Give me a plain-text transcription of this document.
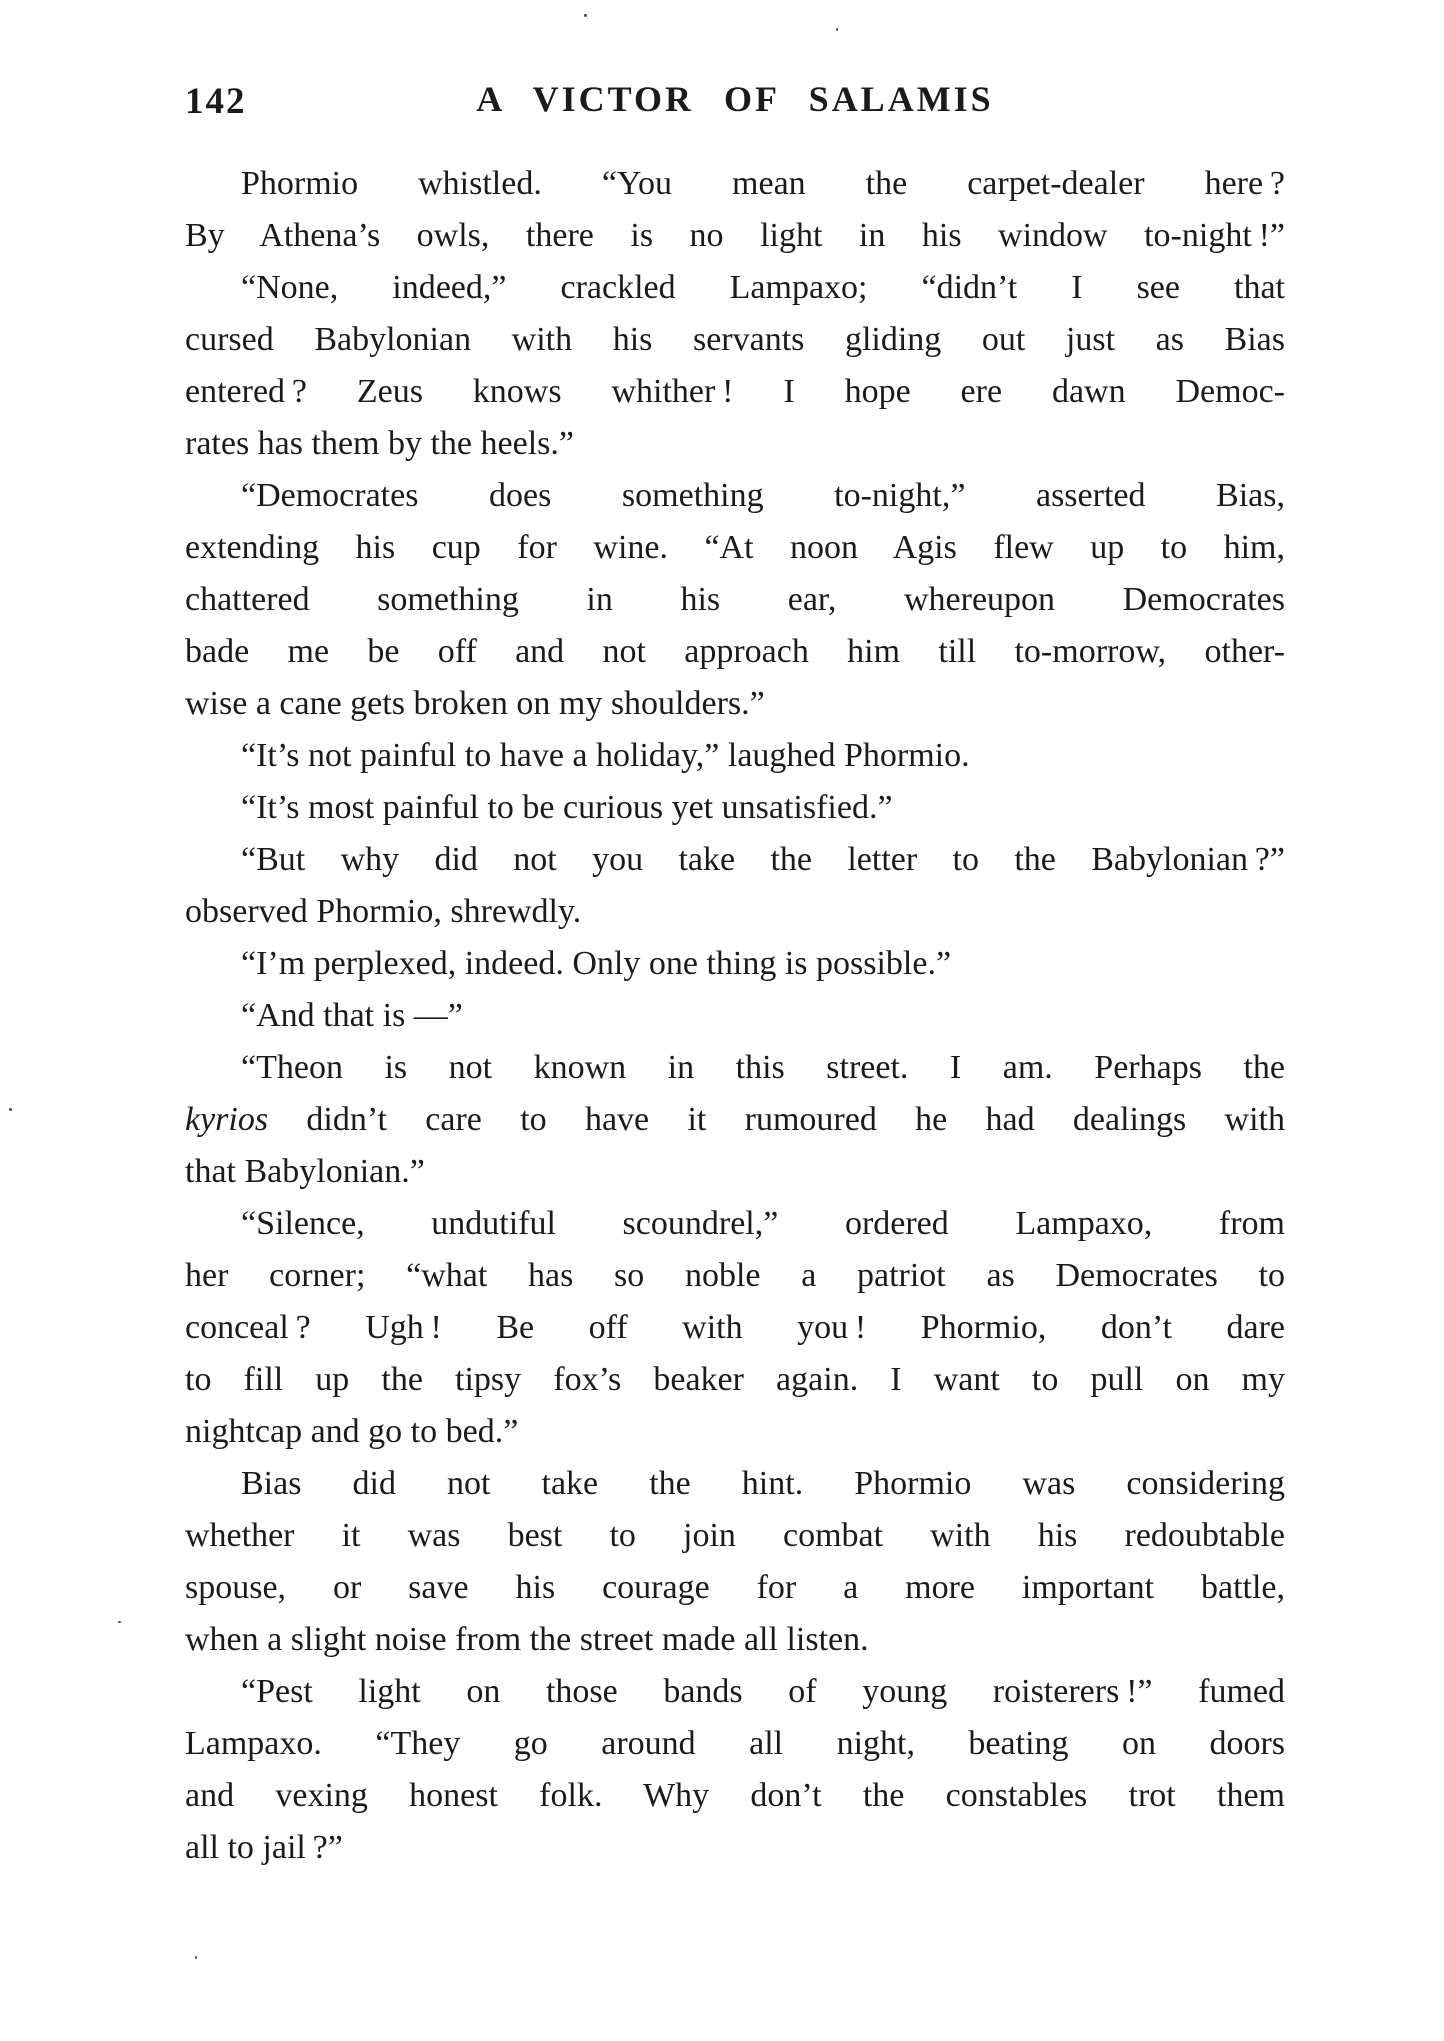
142	A VICTOR OF SALAMIS
Phormio whistled. “You mean the carpet-dealer here ?
By Athena’s owls, there is no light in his window to-night !”
“None, indeed,” crackled Lampaxo; “didn’t I see that
cursed Babylonian with his servants gliding out just as Bias
entered ? Zeus knows whither ! I hope ere dawn Democ-
rates has them by the heels.”
“Democrates does something to-night,” asserted Bias,
extending his cup for wine. “At noon Agis flew up to him,
chattered something in his ear, whereupon Democrates
bade me be off and not approach him till to-morrow, other-
wise a cane gets broken on my shoulders.”
“It’s not painful to have a holiday,” laughed Phormio.
“It’s most painful to be curious yet unsatisfied.”
“But why did not you take the letter to the Babylonian ?”
observed Phormio, shrewdly.
“I’m perplexed, indeed. Only one thing is possible.”
“And that is —”
“Theon is not known in this street. I am. Perhaps the
kyrios didn’t care to have it rumoured he had dealings with
that Babylonian.”
“Silence, undutiful scoundrel,” ordered Lampaxo, from
her corner; “what has so noble a patriot as Democrates to
conceal ? Ugh ! Be off with you ! Phormio, don’t dare
to fill up the tipsy fox’s beaker again. I want to pull on my
nightcap and go to bed.”
Bias did not take the hint. Phormio was considering
whether it was best to join combat with his redoubtable
spouse, or save his courage for a more important battle,
when a slight noise from the street made all listen.
“Pest light on those bands of young roisterers !” fumed
Lampaxo. “They go around all night, beating on doors
and vexing honest folk. Why don’t the constables trot them
all to jail ?”
